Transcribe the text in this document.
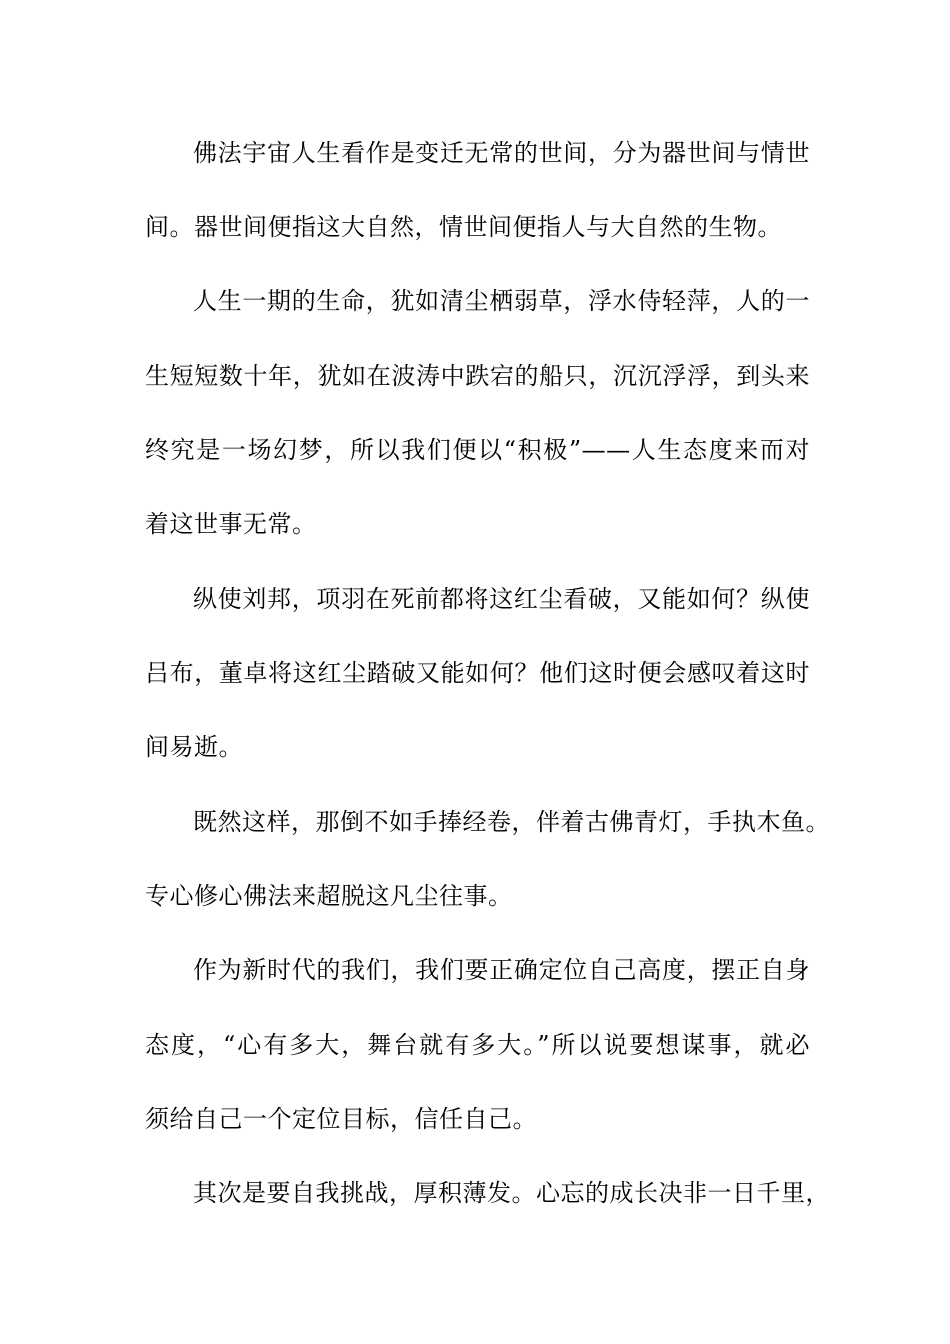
佛法宇宙人生看作是变迁无常的世间，分为器世间与情世
间。器世间便指这大自然，情世间便指人与大自然的生物。
人生一期的生命，犹如清尘栖弱草，浮水侍轻萍，人的一
生短短数十年，犹如在波涛中跌宕的船只，沉沉浮浮，到头来
终究是一场幻梦，所以我们便以“积极”——人生态度来而对
着这世事无常。
纵使刘邦，项羽在死前都将这红尘看破，又能如何？纵使
吕布，董卓将这红尘踏破又能如何？他们这时便会感叹着这时
间易逝。
既然这样，那倒不如手捧经卷，伴着古佛青灯，手执木鱼。
专心修心佛法来超脱这凡尘往事。
作为新时代的我们，我们要正确定位自己高度，摆正自身
态度，“心有多大，舞台就有多大。”所以说要想谋事，就必
须给自己一个定位目标，信任自己。
其次是要自我挑战，厚积薄发。心忘的成长决非一日千里，
